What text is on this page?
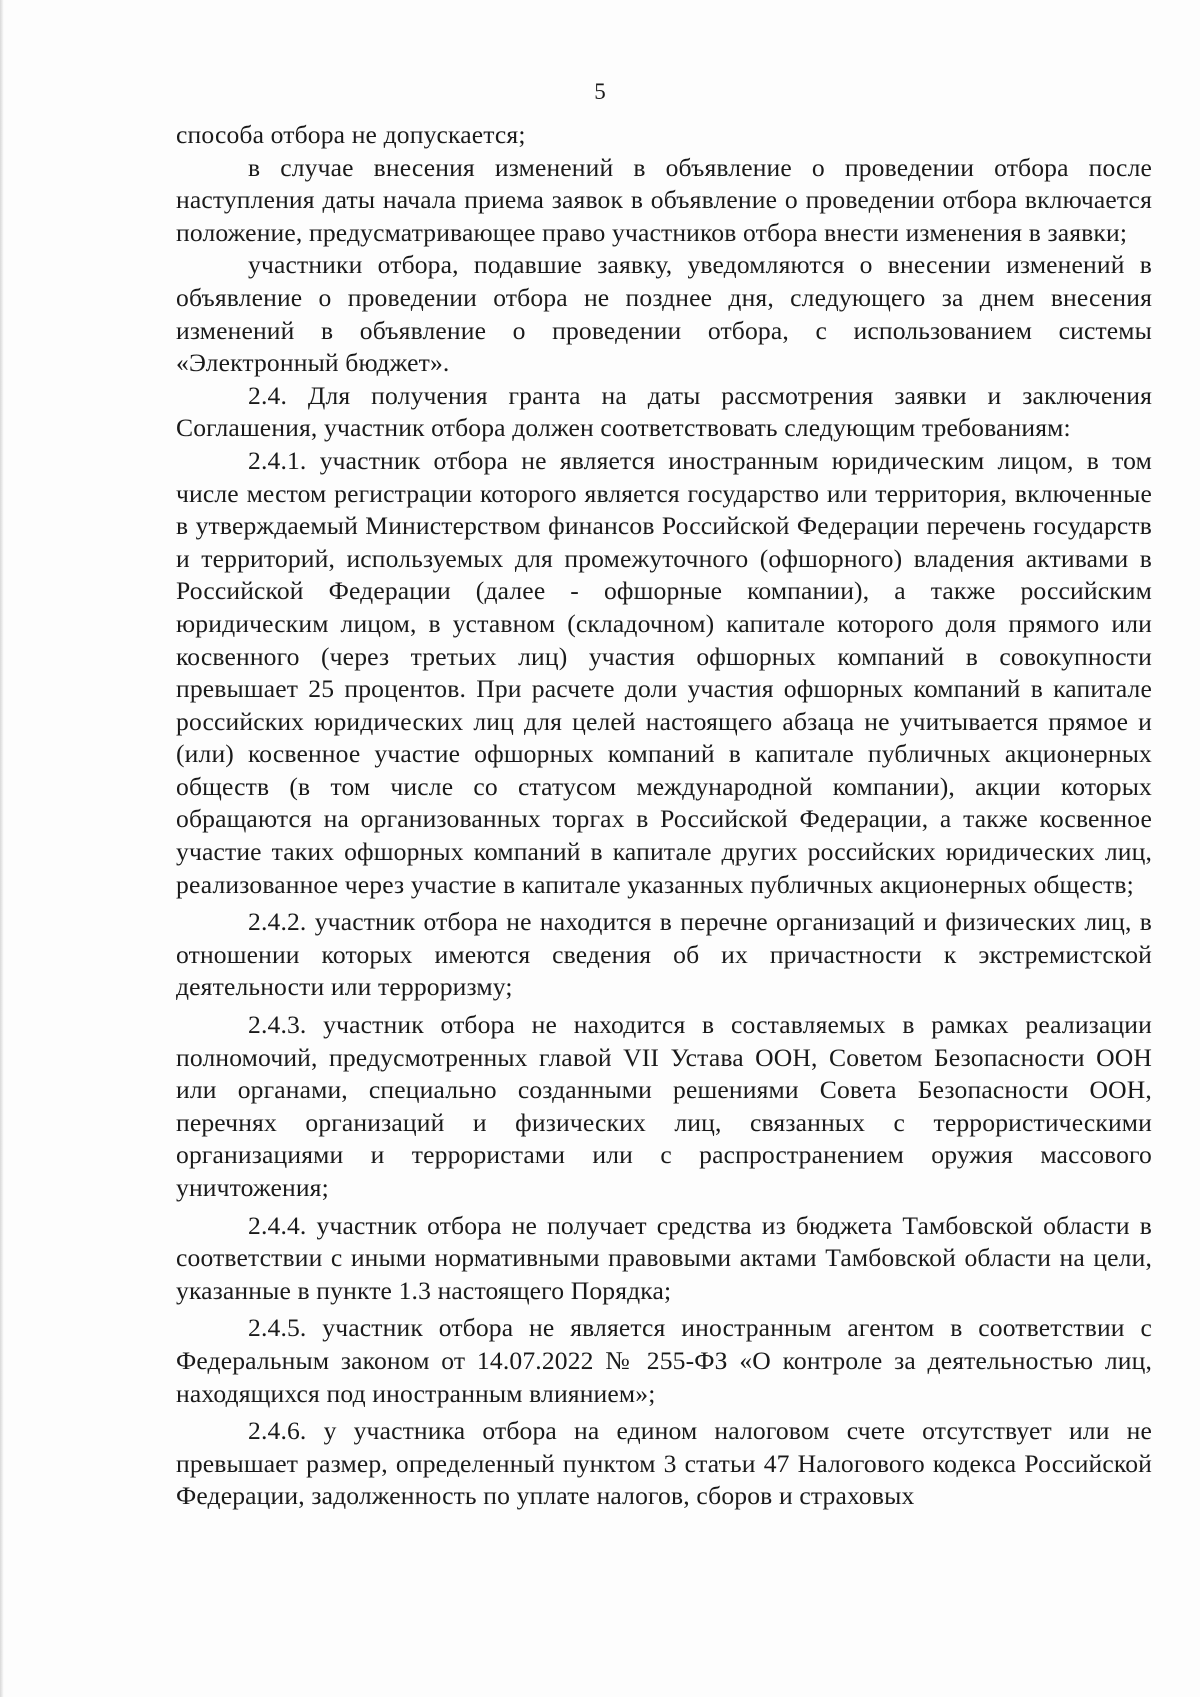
5

способа отбора не допускается;

в случае внесения изменений в объявление о проведении отбора после наступления даты начала приема заявок в объявление о проведении отбора включается положение, предусматривающее право участников отбора внести изменения в заявки;

участники отбора, подавшие заявку, уведомляются о внесении изменений в объявление о проведении отбора не позднее дня, следующего за днем внесения изменений в объявление о проведении отбора, с использованием системы «Электронный бюджет».

2.4. Для получения гранта на даты рассмотрения заявки и заключения Соглашения, участник отбора должен соответствовать следующим требованиям:

2.4.1. участник отбора не является иностранным юридическим лицом, в том числе местом регистрации которого является государство или территория, включенные в утверждаемый Министерством финансов Российской Федерации перечень государств и территорий, используемых для промежуточного (офшорного) владения активами в Российской Федерации (далее - офшорные компании), а также российским юридическим лицом, в уставном (складочном) капитале которого доля прямого или косвенного (через третьих лиц) участия офшорных компаний в совокупности превышает 25 процентов. При расчете доли участия офшорных компаний в капитале российских юридических лиц для целей настоящего абзаца не учитывается прямое и (или) косвенное участие офшорных компаний в капитале публичных акционерных обществ (в том числе со статусом международной компании), акции которых обращаются на организованных торгах в Российской Федерации, а также косвенное участие таких офшорных компаний в капитале других российских юридических лиц, реализованное через участие в капитале указанных публичных акционерных обществ;

2.4.2. участник отбора не находится в перечне организаций и физических лиц, в отношении которых имеются сведения об их причастности к экстремистской деятельности или терроризму;

2.4.3. участник отбора не находится в составляемых в рамках реализации полномочий, предусмотренных главой VII Устава ООН, Советом Безопасности ООН или органами, специально созданными решениями Совета Безопасности ООН, перечнях организаций и физических лиц, связанных с террористическими организациями и террористами или с распространением оружия массового уничтожения;

2.4.4. участник отбора не получает средства из бюджета Тамбовской области в соответствии с иными нормативными правовыми актами Тамбовской области на цели, указанные в пункте 1.3 настоящего Порядка;

2.4.5. участник отбора не является иностранным агентом в соответствии с Федеральным законом от 14.07.2022 № 255-ФЗ «О контроле за деятельностью лиц, находящихся под иностранным влиянием»;

2.4.6. у участника отбора на едином налоговом счете отсутствует или не превышает размер, определенный пунктом 3 статьи 47 Налогового кодекса Российской Федерации, задолженность по уплате налогов, сборов и страховых
